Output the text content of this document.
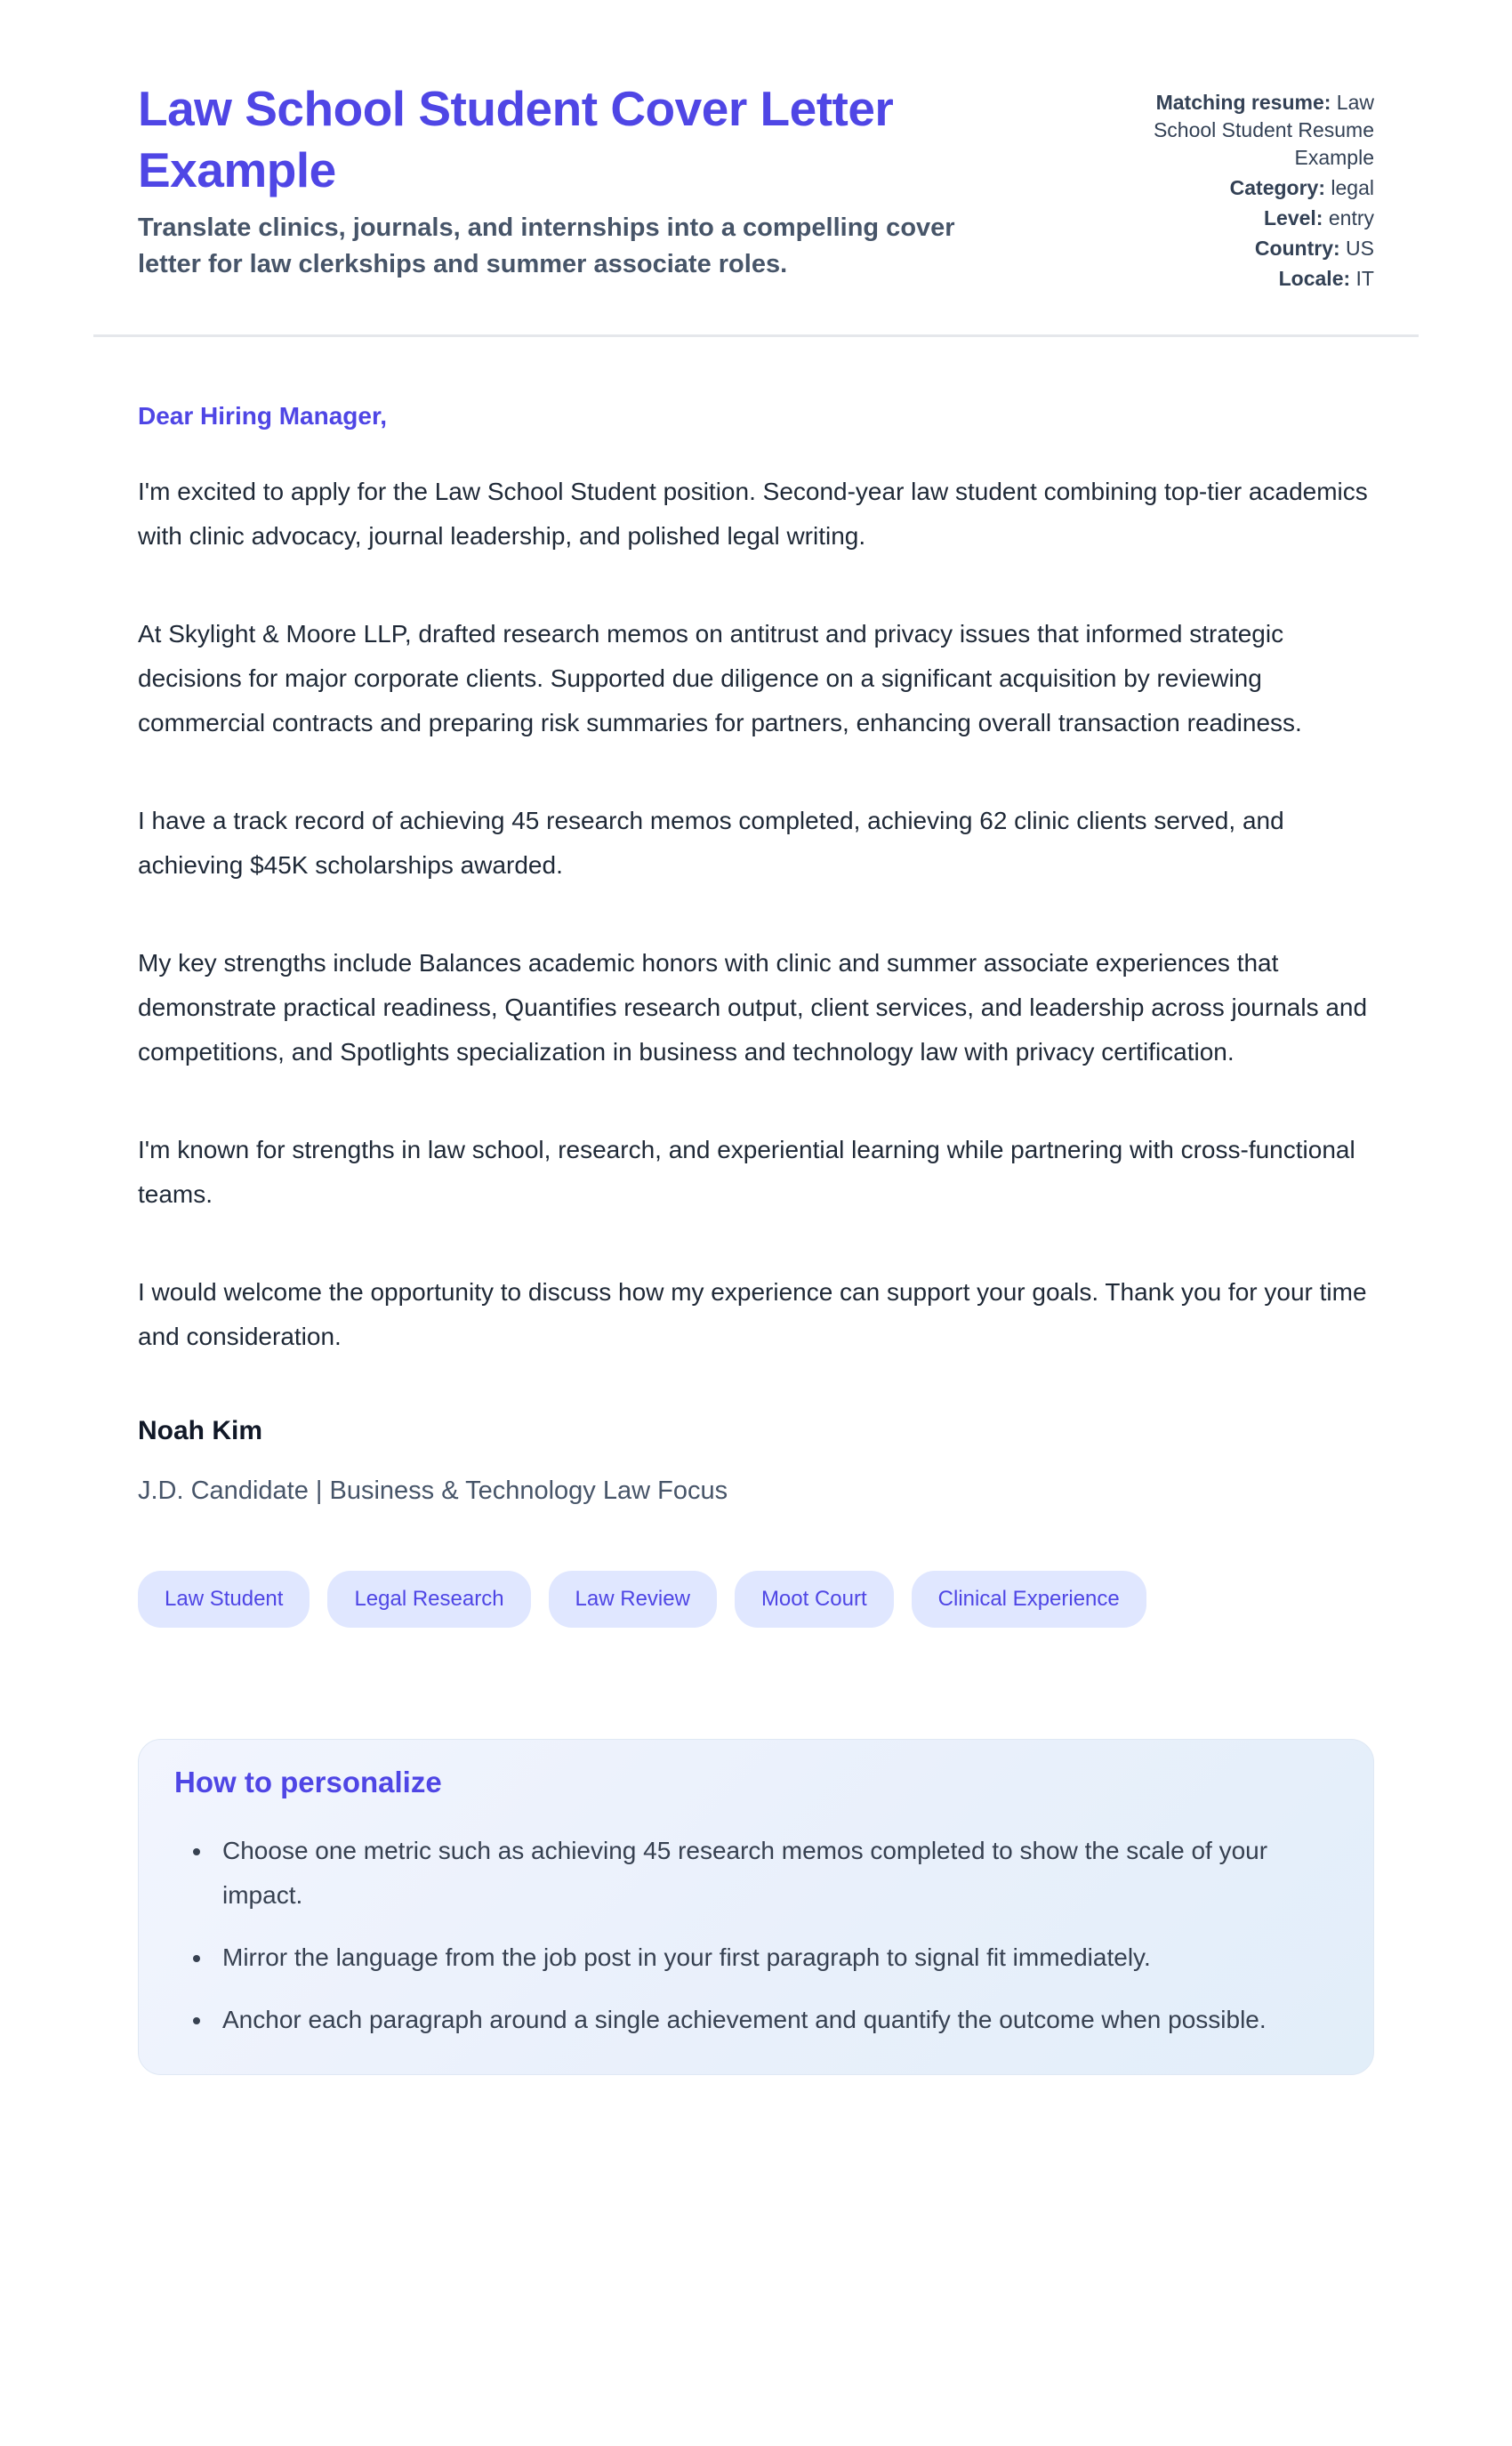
Law School Student Cover Letter Example

Translate clinics, journals, and internships into a compelling cover letter for law clerkships and summer associate roles.

Matching resume: Law School Student Resume Example

Category: legal

Level: entry

Country: US

Locale: IT

Dear Hiring Manager,

I'm excited to apply for the Law School Student position. Second-year law student combining top-tier academics with clinic advocacy, journal leadership, and polished legal writing.

At Skylight & Moore LLP, drafted research memos on antitrust and privacy issues that informed strategic decisions for major corporate clients. Supported due diligence on a significant acquisition by reviewing commercial contracts and preparing risk summaries for partners, enhancing overall transaction readiness.

I have a track record of achieving 45 research memos completed, achieving 62 clinic clients served, and achieving $45K scholarships awarded.

My key strengths include Balances academic honors with clinic and summer associate experiences that demonstrate practical readiness, Quantifies research output, client services, and leadership across journals and competitions, and Spotlights specialization in business and technology law with privacy certification.

I'm known for strengths in law school, research, and experiential learning while partnering with cross-functional teams.

I would welcome the opportunity to discuss how my experience can support your goals. Thank you for your time and consideration.

Noah Kim

J.D. Candidate | Business & Technology Law Focus

Law Student	Legal Research	Law Review	Moot Court	Clinical Experience
How to personalize
• Choose one metric such as achieving 45 research memos completed to show the scale of your impact.
• Mirror the language from the job post in your first paragraph to signal fit immediately.
• Anchor each paragraph around a single achievement and quantify the outcome when possible.
